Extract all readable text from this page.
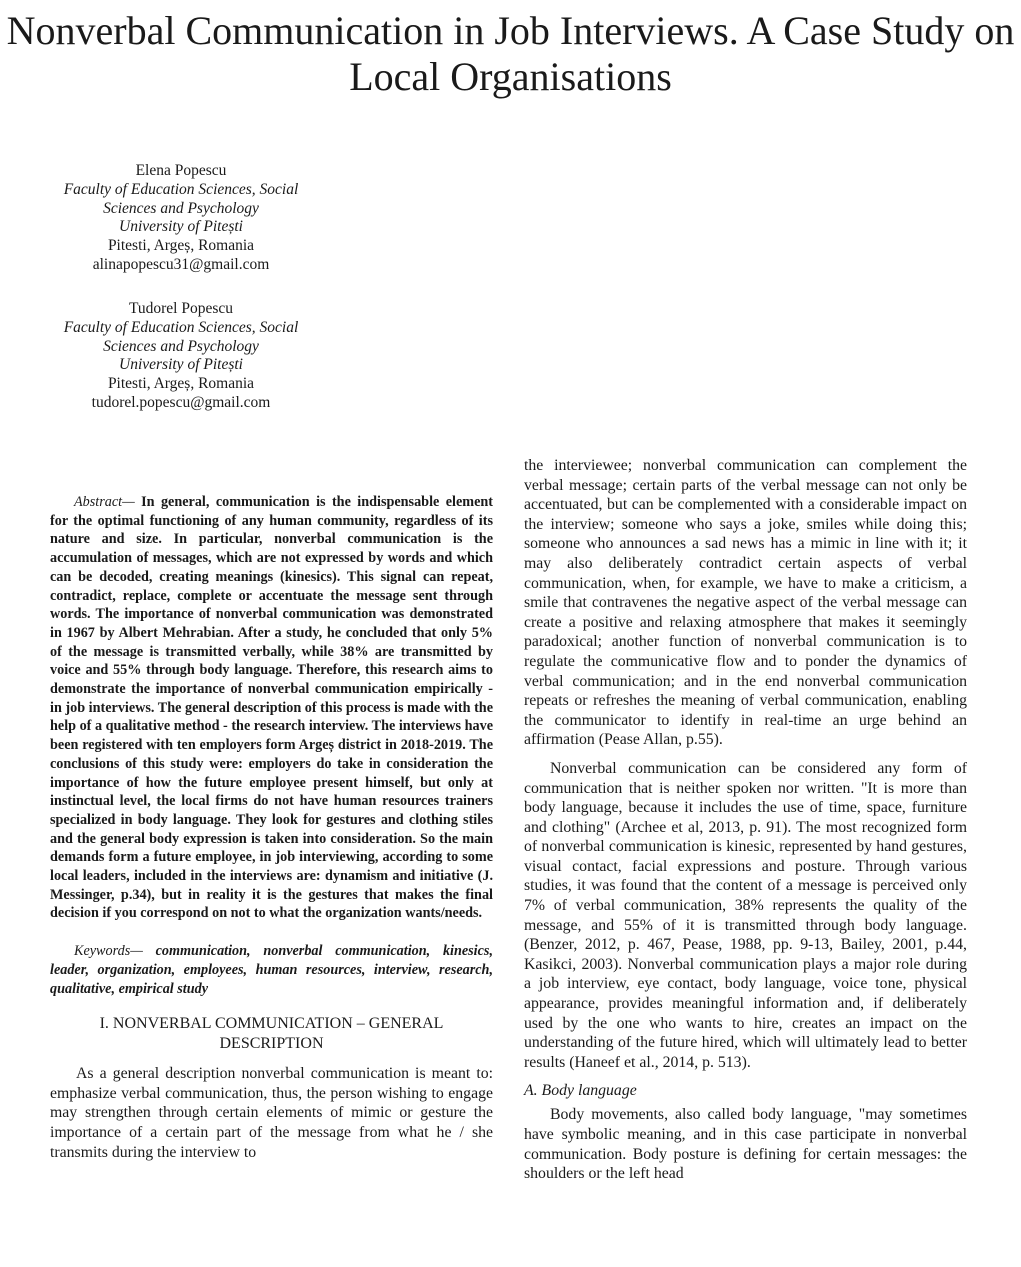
Nonverbal Communication in Job Interviews. A Case Study on Local Organisations
Elena Popescu
Faculty of Education Sciences, Social
Sciences and Psychology
University of Pitești
Pitesti, Argeș, Romania
alinapopescu31@gmail.com
Tudorel Popescu
Faculty of Education Sciences, Social
Sciences and Psychology
University of Pitești
Pitesti, Argeș, Romania
tudorel.popescu@gmail.com

Abstract— In general, communication is the indispensable element for the optimal functioning of any human community, regardless of its nature and size. In particular, nonverbal communication is the accumulation of messages, which are not expressed by words and which can be decoded, creating meanings (kinesics). This signal can repeat, contradict, replace, complete or accentuate the message sent through words. The importance of nonverbal communication was demonstrated in 1967 by Albert Mehrabian. After a study, he concluded that only 5% of the message is transmitted verbally, while 38% are transmitted by voice and 55% through body language. Therefore, this research aims to demonstrate the importance of nonverbal communication empirically - in job interviews. The general description of this process is made with the help of a qualitative method - the research interview. The interviews have been registered with ten employers form Argeș district in 2018-2019. The conclusions of this study were: employers do take in consideration the importance of how the future employee present himself, but only at instinctual level, the local firms do not have human resources trainers specialized in body language. They look for gestures and clothing stiles and the general body expression is taken into consideration. So the main demands form a future employee, in job interviewing, according to some local leaders, included in the interviews are: dynamism and initiative (J. Messinger, p.34), but in reality it is the gestures that makes the final decision if you correspond on not to what the organization wants/needs.

Keywords— communication, nonverbal communication, kinesics, leader, organization, employees, human resources, interview, research, qualitative, empirical study

I. NONVERBAL COMMUNICATION – GENERAL DESCRIPTION

As a general description nonverbal communication is meant to: emphasize verbal communication, thus, the person wishing to engage may strengthen through certain elements of mimic or gesture the importance of a certain part of the message from what he / she transmits during the interview to

the interviewee; nonverbal communication can complement the verbal message; certain parts of the verbal message can not only be accentuated, but can be complemented with a considerable impact on the interview; someone who says a joke, smiles while doing this; someone who announces a sad news has a mimic in line with it; it may also deliberately contradict certain aspects of verbal communication, when, for example, we have to make a criticism, a smile that contravenes the negative aspect of the verbal message can create a positive and relaxing atmosphere that makes it seemingly paradoxical; another function of nonverbal communication is to regulate the communicative flow and to ponder the dynamics of verbal communication; and in the end nonverbal communication repeats or refreshes the meaning of verbal communication, enabling the communicator to identify in real-time an urge behind an affirmation (Pease Allan, p.55).

Nonverbal communication can be considered any form of communication that is neither spoken nor written. "It is more than body language, because it includes the use of time, space, furniture and clothing" (Archee et al, 2013, p. 91). The most recognized form of nonverbal communication is kinesic, represented by hand gestures, visual contact, facial expressions and posture. Through various studies, it was found that the content of a message is perceived only 7% of verbal communication, 38% represents the quality of the message, and 55% of it is transmitted through body language. (Benzer, 2012, p. 467, Pease, 1988, pp. 9-13, Bailey, 2001, p.44, Kasikci, 2003). Nonverbal communication plays a major role during a job interview, eye contact, body language, voice tone, physical appearance, provides meaningful information and, if deliberately used by the one who wants to hire, creates an impact on the understanding of the future hired, which will ultimately lead to better results (Haneef et al., 2014, p. 513).

A. Body language

Body movements, also called body language, "may sometimes have symbolic meaning, and in this case participate in nonverbal communication. Body posture is defining for certain messages: the shoulders or the left head
